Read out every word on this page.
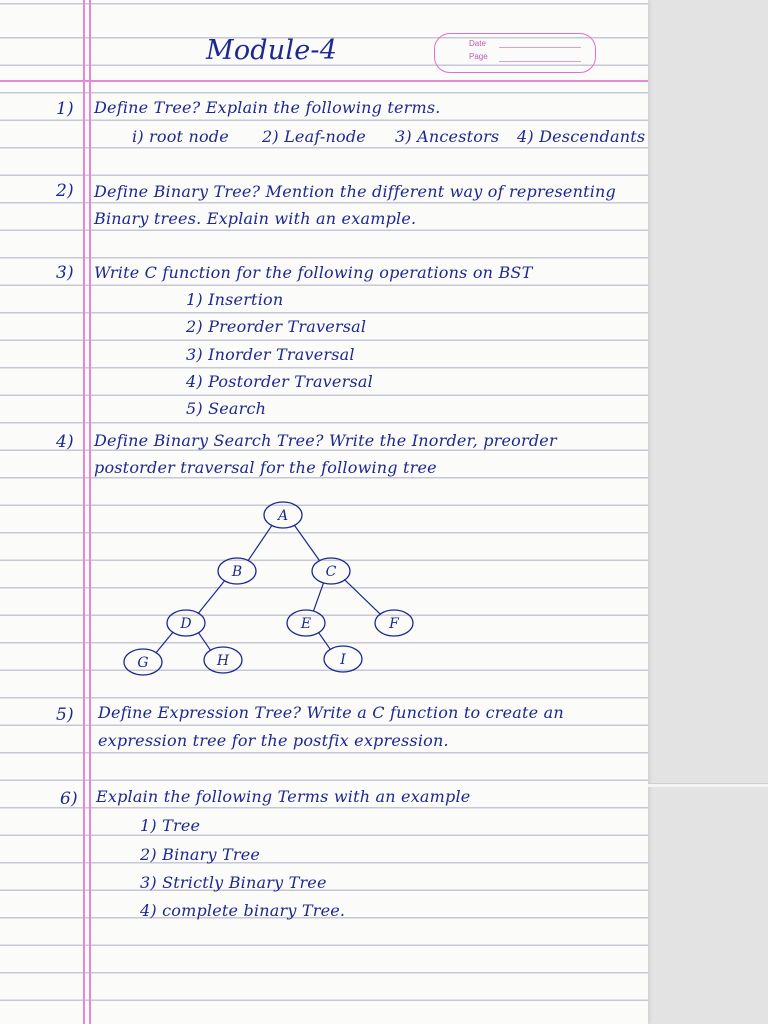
Module-4	Date
Page

1) Define Tree? Explain the following terms.

i) root node 2) Leaf-node 3) Ancestors 4) Descendants

2) Define Binary Tree? Mention the different way of representing

Binary trees. Explain with an example.

3) Write C function for the following operations on BST

1) Insertion

2) Preorder Traversal

3) Inorder Traversal

4) Postorder Traversal

5) Search

4) Define Binary Search Tree? Write the Inorder, preorder

postorder traversal for the following tree

A
B	C
D	E	F
G	H	I

5) Define Expression Tree? Write a C function to create an

expression tree for the postfix expression.

6) Explain the following Terms with an example

1) Tree

2) Binary Tree

3) Strictly Binary Tree

4) complete binary Tree.
